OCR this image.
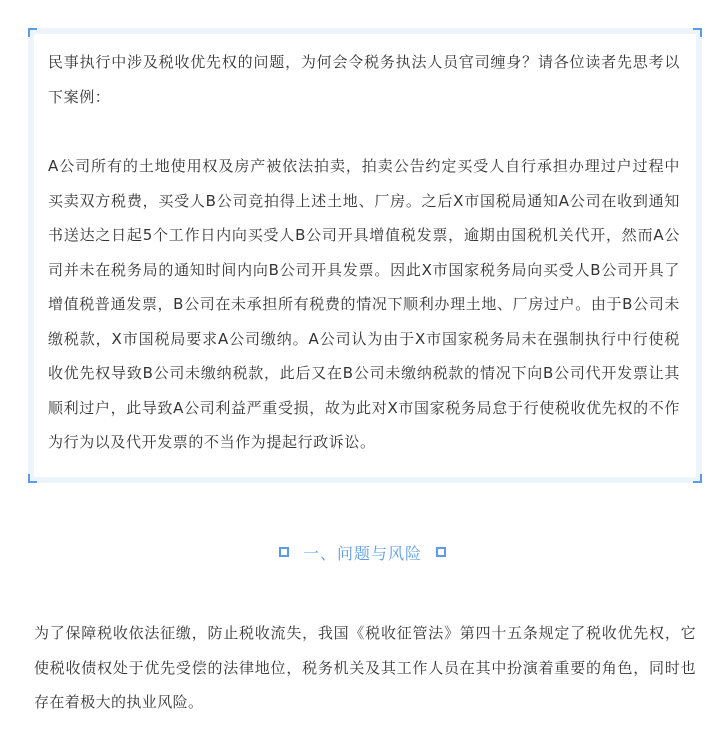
民事执行中涉及税收优先权的问题，为何会令税务执法人员官司缠身？请各位读者先思考以下案例：

A公司所有的土地使用权及房产被依法拍卖，拍卖公告约定买受人自行承担办理过户过程中买卖双方税费，买受人B公司竞拍得上述土地、厂房。之后X市国税局通知A公司在收到通知书送达之日起5个工作日内向买受人B公司开具增值税发票，逾期由国税机关代开，然而A公司并未在税务局的通知时间内向B公司开具发票。因此X市国家税务局向买受人B公司开具了增值税普通发票，B公司在未承担所有税费的情况下顺利办理土地、厂房过户。由于B公司未缴税款，X市国税局要求A公司缴纳。A公司认为由于X市国家税务局未在强制执行中行使税收优先权导致B公司未缴纳税款，此后又在B公司未缴纳税款的情况下向B公司代开发票让其顺利过户，此导致A公司利益严重受损，故为此对X市国家税务局怠于行使税收优先权的不作为行为以及代开发票的不当作为提起行政诉讼。

一、问题与风险

为了保障税收依法征缴，防止税收流失，我国《税收征管法》第四十五条规定了税收优先权，它使税收债权处于优先受偿的法律地位，税务机关及其工作人员在其中扮演着重要的角色，同时也存在着极大的执业风险。
